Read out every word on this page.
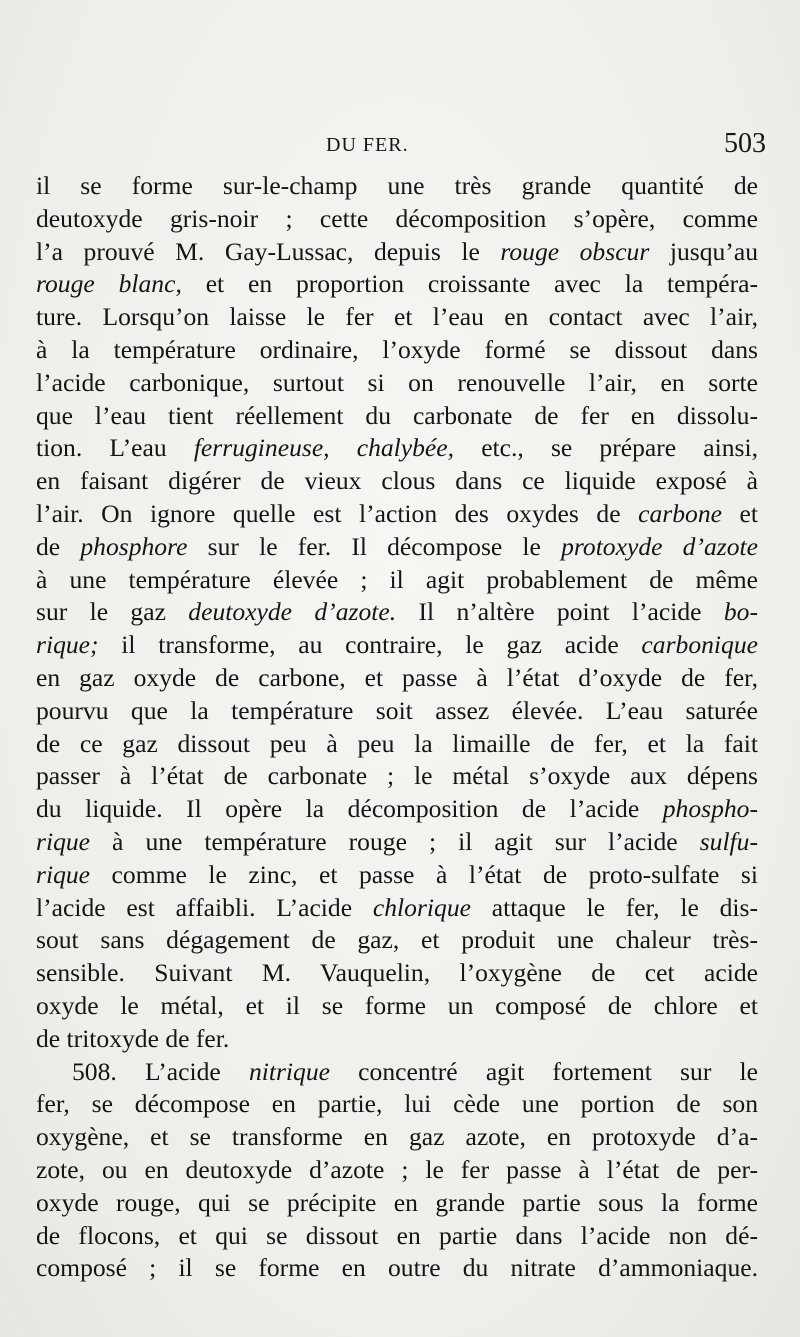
DU FER.	503
il se forme sur-le-champ une très grande quantité de
deutoxyde gris-noir ; cette décomposition s’opère, comme
l’a prouvé M. Gay-Lussac, depuis le rouge obscur jusqu’au
rouge blanc, et en proportion croissante avec la tempéra-
ture. Lorsqu’on laisse le fer et l’eau en contact avec l’air,
à la température ordinaire, l’oxyde formé se dissout dans
l’acide carbonique, surtout si on renouvelle l’air, en sorte
que l’eau tient réellement du carbonate de fer en dissolu-
tion. L’eau ferrugineuse, chalybée, etc., se prépare ainsi,
en faisant digérer de vieux clous dans ce liquide exposé à
l’air. On ignore quelle est l’action des oxydes de carbone et
de phosphore sur le fer. Il décompose le protoxyde d’azote
à une température élevée ; il agit probablement de même
sur le gaz deutoxyde d’azote. Il n’altère point l’acide bo-
rique; il transforme, au contraire, le gaz acide carbonique
en gaz oxyde de carbone, et passe à l’état d’oxyde de fer,
pourvu que la température soit assez élevée. L’eau saturée
de ce gaz dissout peu à peu la limaille de fer, et la fait
passer à l’état de carbonate ; le métal s’oxyde aux dépens
du liquide. Il opère la décomposition de l’acide phospho-
rique à une température rouge ; il agit sur l’acide sulfu-
rique comme le zinc, et passe à l’état de proto-sulfate si
l’acide est affaibli. L’acide chlorique attaque le fer, le dis-
sout sans dégagement de gaz, et produit une chaleur très-
sensible. Suivant M. Vauquelin, l’oxygène de cet acide
oxyde le métal, et il se forme un composé de chlore et
de tritoxyde de fer.
508. L’acide nitrique concentré agit fortement sur le
fer, se décompose en partie, lui cède une portion de son
oxygène, et se transforme en gaz azote, en protoxyde d’a-
zote, ou en deutoxyde d’azote ; le fer passe à l’état de per-
oxyde rouge, qui se précipite en grande partie sous la forme
de flocons, et qui se dissout en partie dans l’acide non dé-
composé ; il se forme en outre du nitrate d’ammoniaque.
